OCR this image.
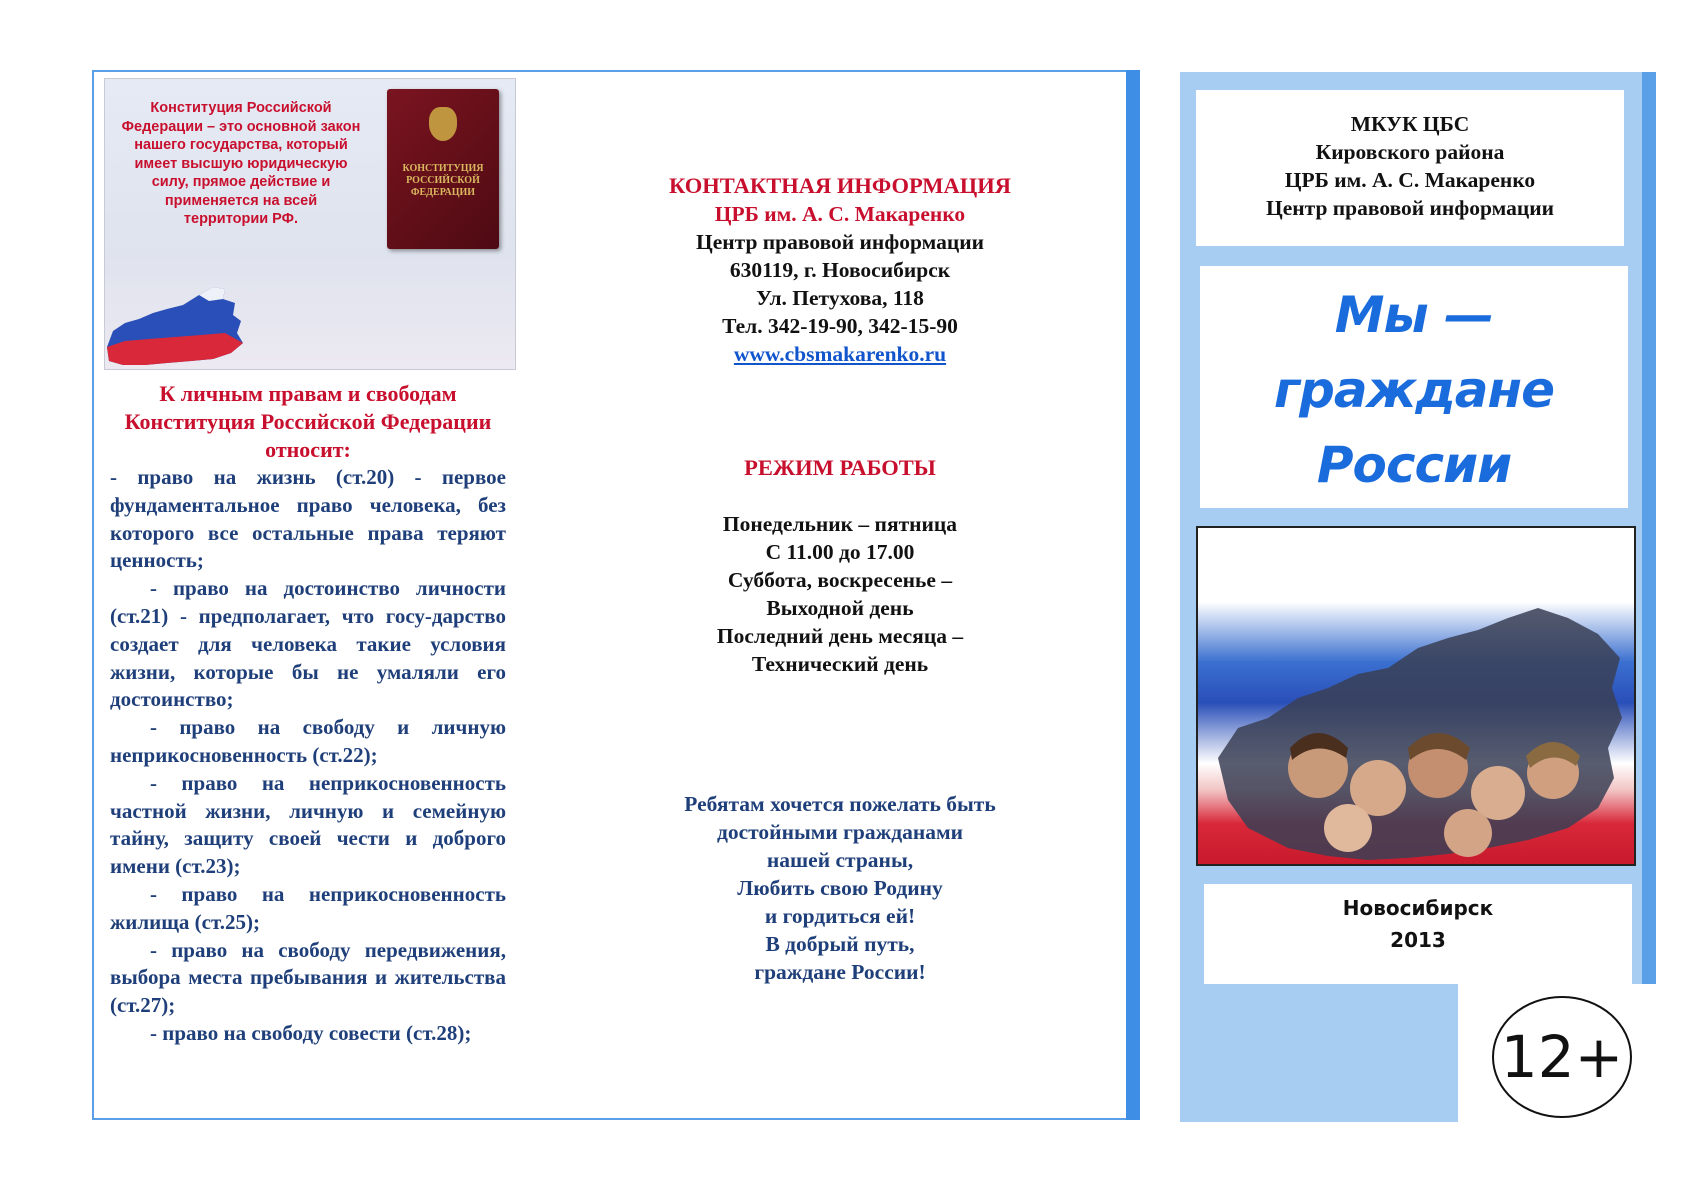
Конституция Российской Федерации – это основной закон нашего государства, который имеет высшую юридическую силу, прямое действие и применяется на всей территории РФ.
КОНСТИТУЦИЯ РОССИЙСКОЙ ФЕДЕРАЦИИ

К личным правам и свободам Конституция Российской Федерации относит:

- право на жизнь (ст.20) - первое фундаментальное право человека, без которого все остальные права теряют ценность;
- право на достоинство личности (ст.21) - предполагает, что госу-дарство создает для человека такие условия жизни, которые бы не умаляли его достоинство;
- право на свободу и личную неприкосновенность (ст.22);
- право на неприкосновенность частной жизни, личную и семейную тайну, защиту своей чести и доброго имени (ст.23);
- право на неприкосновенность жилища (ст.25);
- право на свободу передвижения, выбора места пребывания и жительства (ст.27);
- право на свободу совести (ст.28);
КОНТАКТНАЯ ИНФОРМАЦИЯ
ЦРБ им. А. С. Макаренко
Центр правовой информации
630119, г. Новосибирск
Ул. Петухова, 118
Тел. 342-19-90, 342-15-90
www.cbsmakarenko.ru
РЕЖИМ РАБОТЫ
Понедельник – пятница
С 11.00 до 17.00
Суббота, воскресенье –
Выходной день
Последний день месяца –
Технический день
Ребятам хочется пожелать быть
достойными гражданами
нашей страны,
Любить свою Родину
и гордиться ей!
В добрый путь,
граждане России!
МКУК ЦБС
Кировского района
ЦРБ им. А. С. Макаренко
Центр правовой информации
Мы —
граждане
России
Новосибирск
2013
12+
